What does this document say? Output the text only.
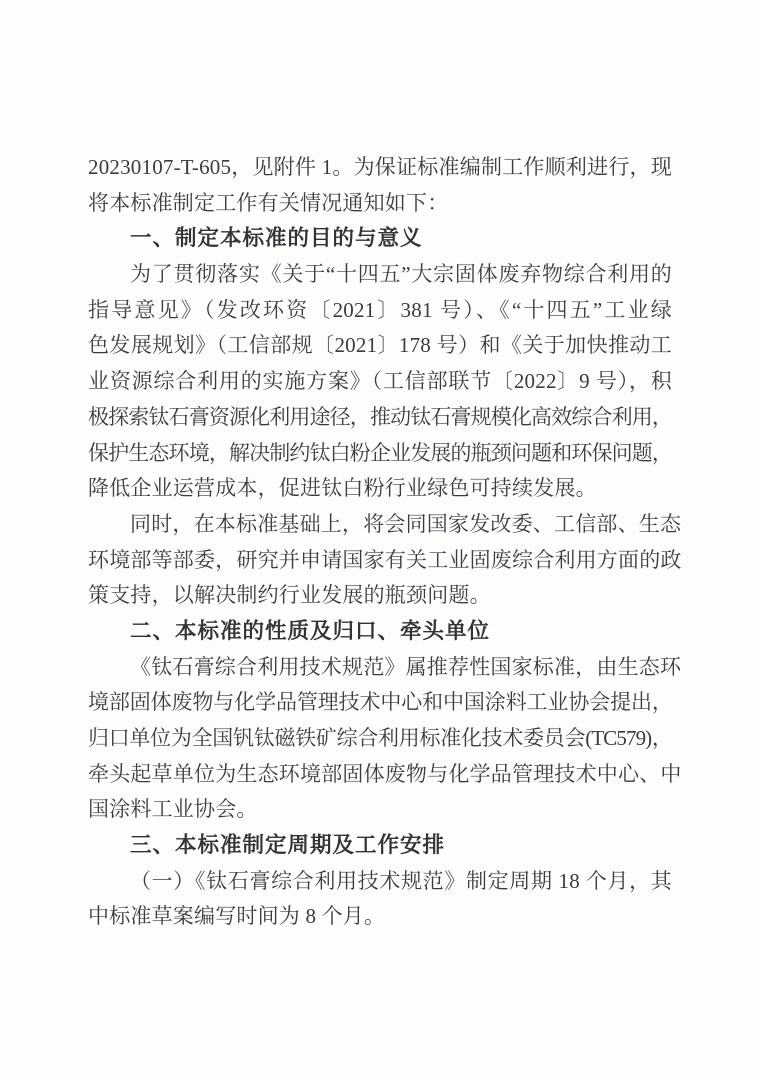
20230107-T-605，见附件 1。为保证标准编制工作顺利进行，现
将本标准制定工作有关情况通知如下：
一、制定本标准的目的与意义
为了贯彻落实《关于“十四五”大宗固体废弃物综合利用的
指导意见》（发改环资〔2021〕381 号）、《“十四五”工业绿
色发展规划》（工信部规〔2021〕178 号）和《关于加快推动工
业资源综合利用的实施方案》（工信部联节〔2022〕9 号），积
极探索钛石膏资源化利用途径，推动钛石膏规模化高效综合利用，
保护生态环境，解决制约钛白粉企业发展的瓶颈问题和环保问题，
降低企业运营成本，促进钛白粉行业绿色可持续发展。
同时，在本标准基础上，将会同国家发改委、工信部、生态
环境部等部委，研究并申请国家有关工业固废综合利用方面的政
策支持，以解决制约行业发展的瓶颈问题。
二、本标准的性质及归口、牵头单位
《钛石膏综合利用技术规范》属推荐性国家标准，由生态环
境部固体废物与化学品管理技术中心和中国涂料工业协会提出，
归口单位为全国钒钛磁铁矿综合利用标准化技术委员会(TC579)，
牵头起草单位为生态环境部固体废物与化学品管理技术中心、中
国涂料工业协会。
三、本标准制定周期及工作安排
（一）《钛石膏综合利用技术规范》制定周期 18 个月，其
中标准草案编写时间为 8 个月。
